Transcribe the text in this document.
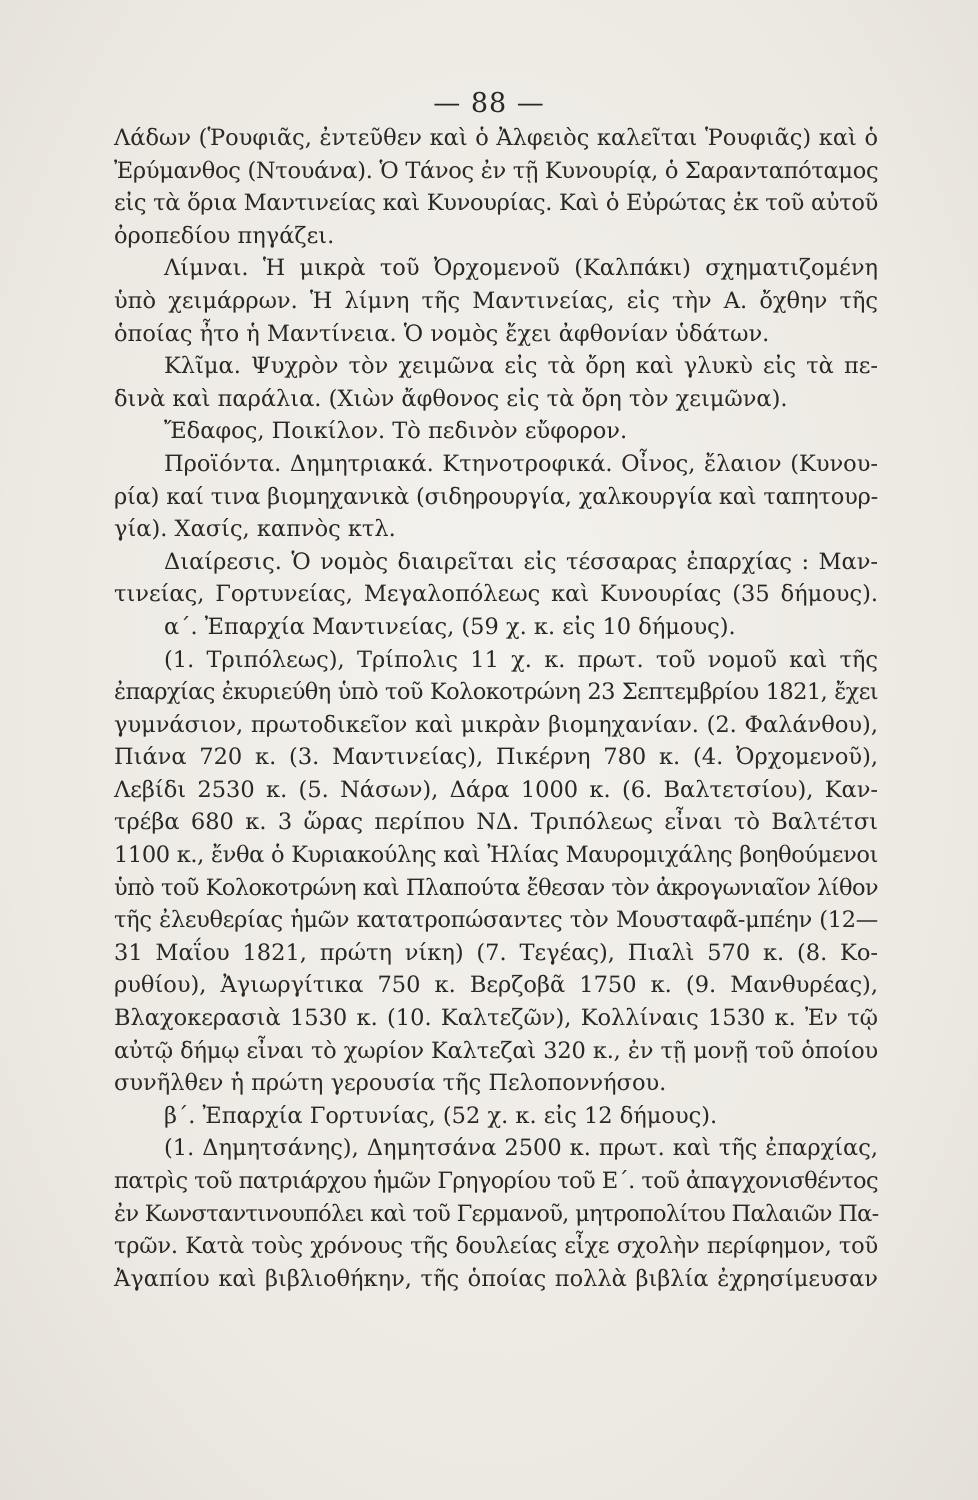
— 88 —
Λάδων (Ῥουφιᾶς, ἐντεῦθεν καὶ ὁ Ἀλφειὸς καλεῖται Ῥουφιᾶς) καὶ ὁ
Ἐρύμανθος (Ντουάνα). Ὁ Τάνος ἐν τῇ Κυνουρίᾳ, ὁ Σαρανταπόταμος
εἰς τὰ ὅρια Μαντινείας καὶ Κυνουρίας. Καὶ ὁ Εὐρώτας ἐκ τοῦ αὐτοῦ
ὀροπεδίου πηγάζει.
Λίμναι. Ἡ μικρὰ τοῦ Ὀρχομενοῦ (Καλπάκι) σχηματιζομένη
ὑπὸ χειμάρρων. Ἡ λίμνη τῆς Μαντινείας, εἰς τὴν Α. ὄχθην τῆς
ὁποίας ἦτο ἡ Μαντίνεια. Ὁ νομὸς ἔχει ἀφθονίαν ὑδάτων.
Κλῖμα. Ψυχρὸν τὸν χειμῶνα εἰς τὰ ὄρη καὶ γλυκὺ εἰς τὰ πε-
δινὰ καὶ παράλια. (Χιὼν ἄφθονος εἰς τὰ ὄρη τὸν χειμῶνα).
Ἔδαφος, Ποικίλον. Τὸ πεδινὸν εὔφορον.
Προϊόντα. Δημητριακά. Κτηνοτροφικά. Οἶνος, ἔλαιον (Κυνου-
ρία) καί τινα βιομηχανικὰ (σιδηρουργία, χαλκουργία καὶ ταπητουρ-
γία). Χασίς, καπνὸς κτλ.
Διαίρεσις. Ὁ νομὸς διαιρεῖται εἰς τέσσαρας ἐπαρχίας : Μαν-
τινείας, Γορτυνείας, Μεγαλοπόλεως καὶ Κυνουρίας (35 δήμους).
α΄. Ἐπαρχία Μαντινείας, (59 χ. κ. εἰς 10 δήμους).
(1. Τριπόλεως), Τρίπολις 11 χ. κ. πρωτ. τοῦ νομοῦ καὶ τῆς
ἐπαρχίας ἐκυριεύθη ὑπὸ τοῦ Κολοκοτρώνη 23 Σεπτεμβρίου 1821, ἔχει
γυμνάσιον, πρωτοδικεῖον καὶ μικρὰν βιομηχανίαν. (2. Φαλάνθου),
Πιάνα 720 κ. (3. Μαντινείας), Πικέρνη 780 κ. (4. Ὀρχομενοῦ),
Λεβίδι 2530 κ. (5. Νάσων), Δάρα 1000 κ. (6. Βαλτετσίου), Καν-
τρέβα 680 κ. 3 ὥρας περίπου ΝΔ. Τριπόλεως εἶναι τὸ Βαλτέτσι
1100 κ., ἔνθα ὁ Κυριακούλης καὶ Ἠλίας Μαυρομιχάλης βοηθούμενοι
ὑπὸ τοῦ Κολοκοτρώνη καὶ Πλαπούτα ἔθεσαν τὸν ἀκρογωνιαῖον λίθον
τῆς ἐλευθερίας ἡμῶν κατατροπώσαντες τὸν Μουσταφᾶ-μπέην (12—
31 Μαΐου 1821, πρώτη νίκη) (7. Τεγέας), Πιαλὶ 570 κ. (8. Κο-
ρυθίου), Ἀγιωργίτικα 750 κ. Βερζοβᾶ 1750 κ. (9. Μανθυρέας),
Βλαχοκερασιὰ 1530 κ. (10. Καλτεζῶν), Κολλίναις 1530 κ. Ἐν τῷ
αὐτῷ δήμῳ εἶναι τὸ χωρίον Καλτεζαὶ 320 κ., ἐν τῇ μονῇ τοῦ ὁποίου
συνῆλθεν ἡ πρώτη γερουσία τῆς Πελοποννήσου.
β΄. Ἐπαρχία Γορτυνίας, (52 χ. κ. εἰς 12 δήμους).
(1. Δημητσάνης), Δημητσάνα 2500 κ. πρωτ. καὶ τῆς ἐπαρχίας,
πατρὶς τοῦ πατριάρχου ἡμῶν Γρηγορίου τοῦ Ε΄. τοῦ ἀπαγχονισθέντος
ἐν Κωνσταντινουπόλει καὶ τοῦ Γερμανοῦ, μητροπολίτου Παλαιῶν Πα-
τρῶν. Κατὰ τοὺς χρόνους τῆς δουλείας εἶχε σχολὴν περίφημον, τοῦ
Ἀγαπίου καὶ βιβλιοθήκην, τῆς ὁποίας πολλὰ βιβλία ἐχρησίμευσαν
